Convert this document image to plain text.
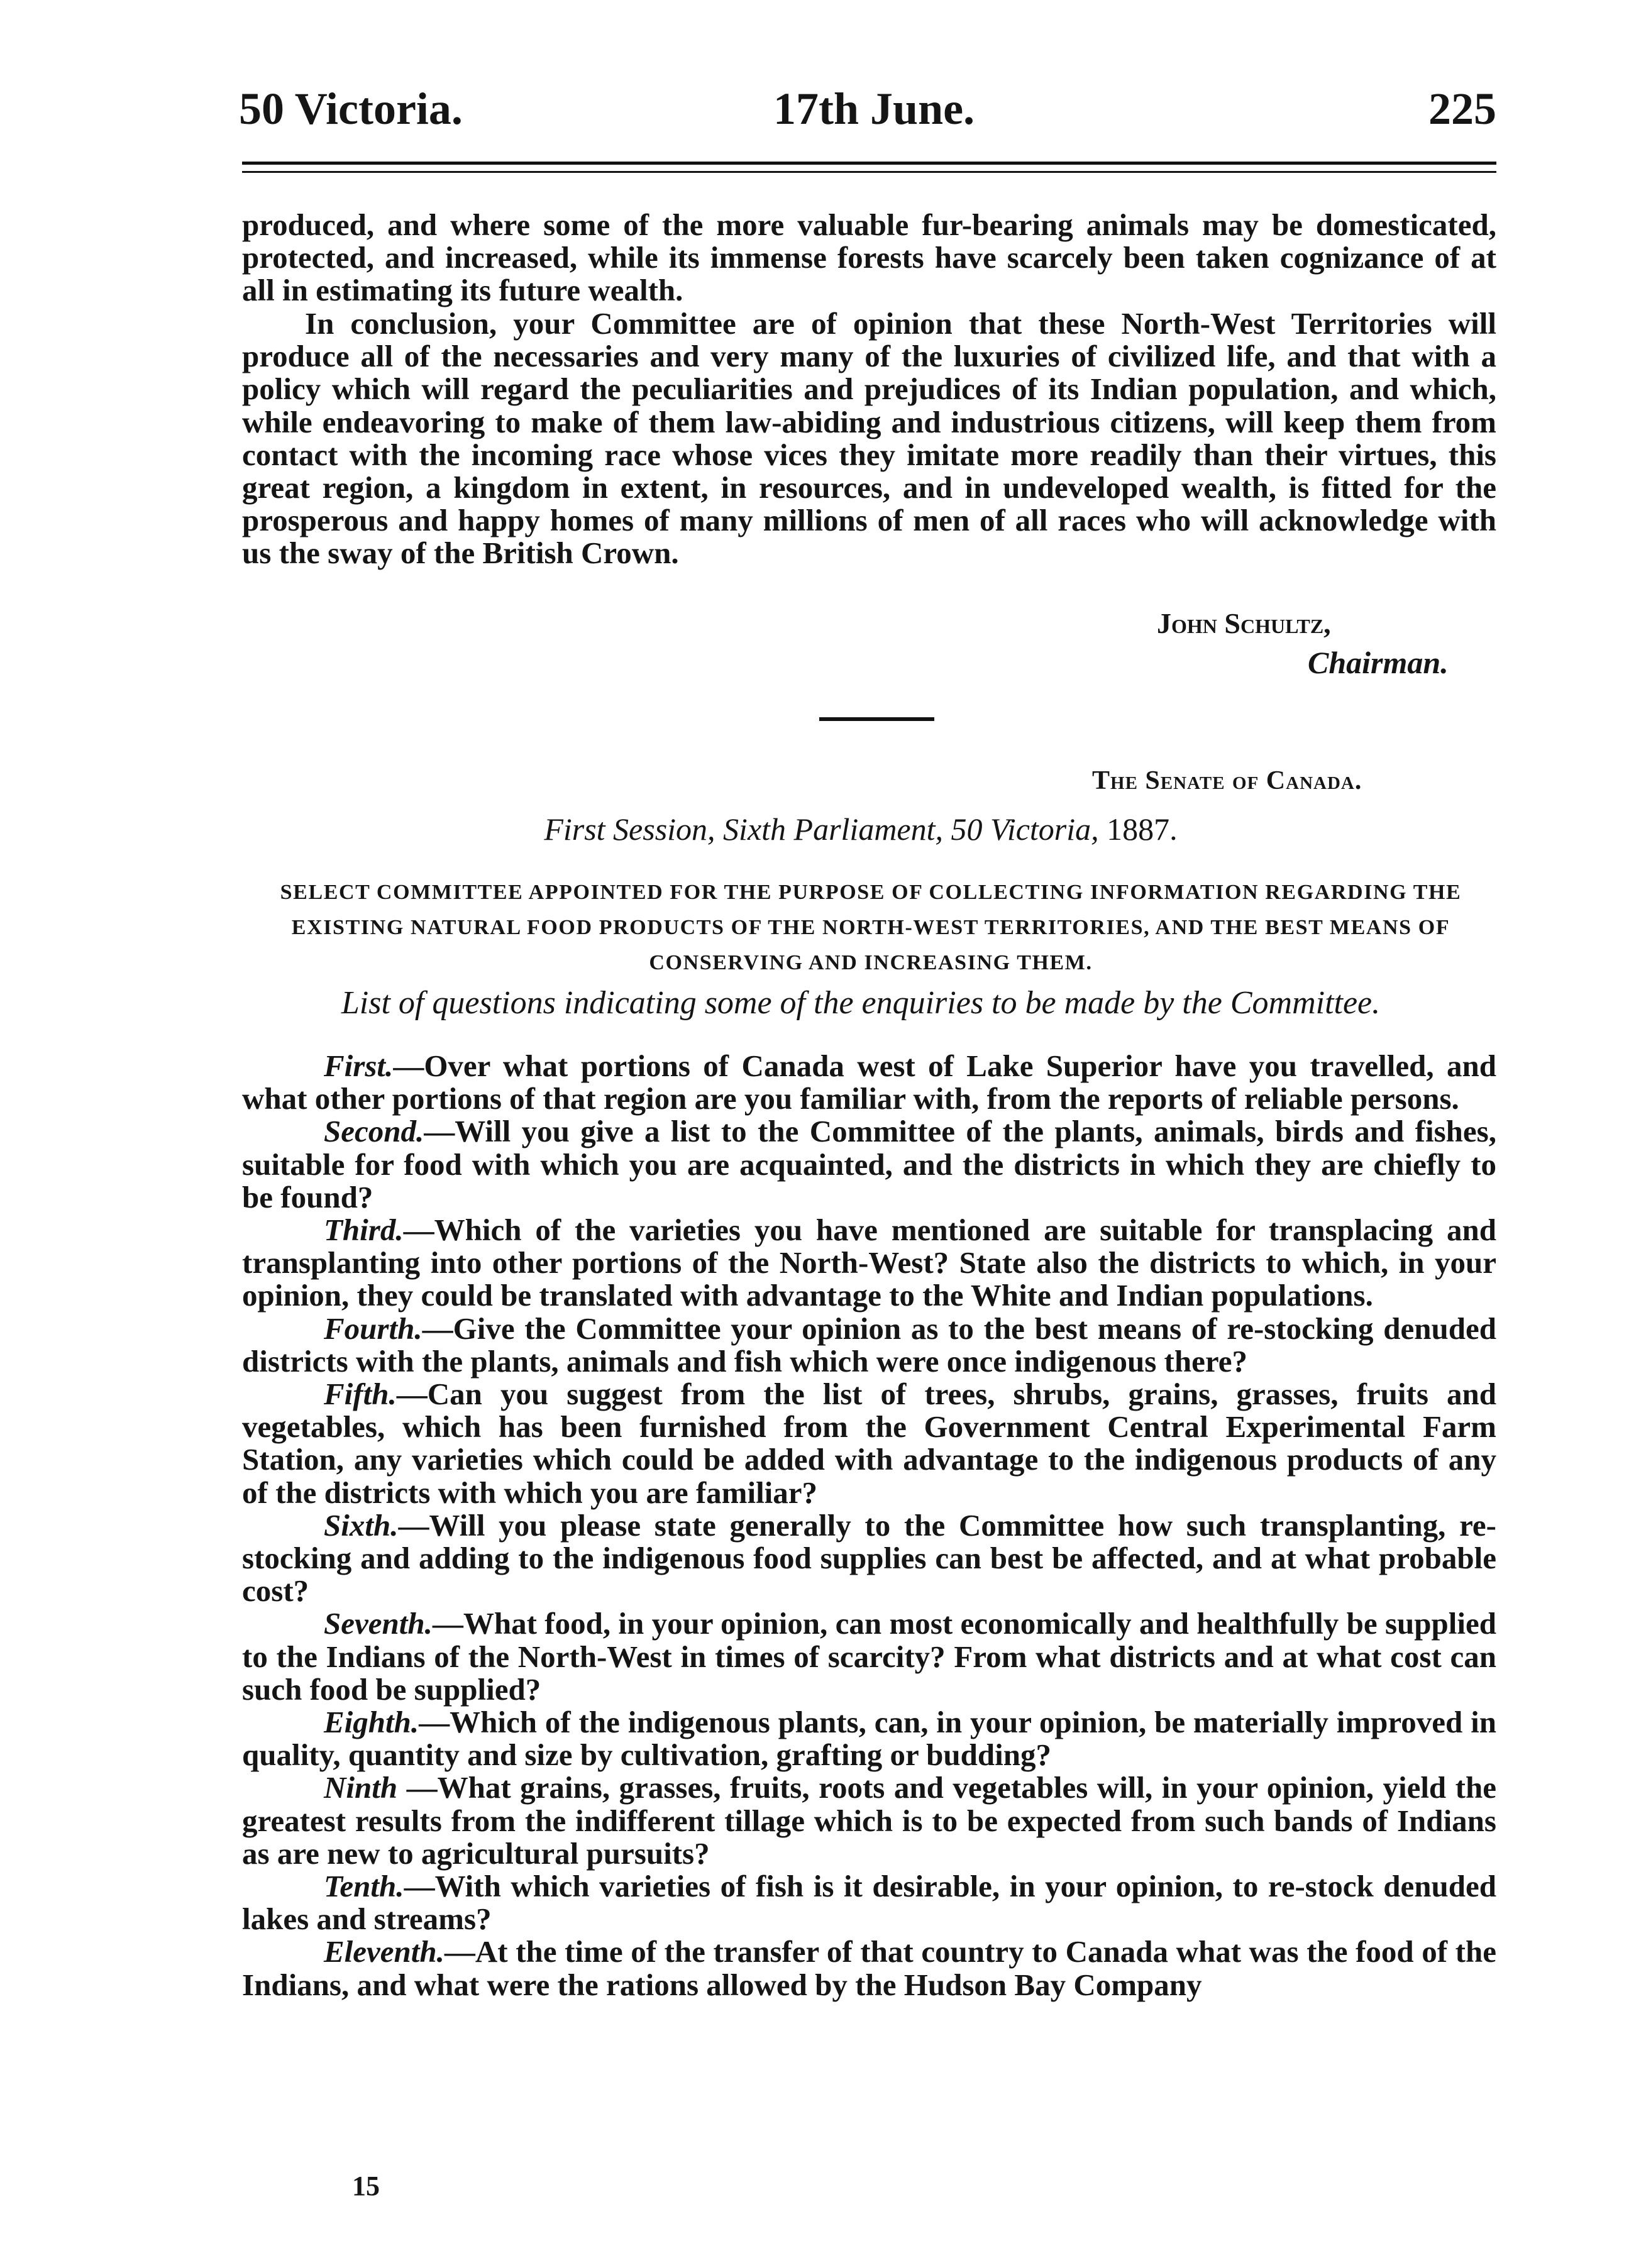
50 Victoria.	17th June.	225

produced, and where some of the more valuable fur-bearing animals may be domesticated, protected, and increased, while its immense forests have scarcely been taken cognizance of at all in estimating its future wealth.

In conclusion, your Committee are of opinion that these North-West Territories will produce all of the necessaries and very many of the luxuries of civilized life, and that with a policy which will regard the peculiarities and prejudices of its Indian population, and which, while endeavoring to make of them law-abiding and industrious citizens, will keep them from contact with the incoming race whose vices they imitate more readily than their virtues, this great region, a kingdom in extent, in resources, and in undeveloped wealth, is fitted for the prosperous and happy homes of many millions of men of all races who will acknowledge with us the sway of the British Crown.

John Schultz,
Chairman.
The Senate of Canada.
First Session, Sixth Parliament, 50 Victoria, 1887.
SELECT COMMITTEE APPOINTED FOR THE PURPOSE OF COLLECTING INFORMATION REGARDING THE EXISTING NATURAL FOOD PRODUCTS OF THE NORTH-WEST TERRITORIES, AND THE BEST MEANS OF CONSERVING AND INCREASING THEM.
List of questions indicating some of the enquiries to be made by the Committee.

First.—Over what portions of Canada west of Lake Superior have you travelled, and what other portions of that region are you familiar with, from the reports of reliable persons.

Second.—Will you give a list to the Committee of the plants, animals, birds and fishes, suitable for food with which you are acquainted, and the districts in which they are chiefly to be found?

Third.—Which of the varieties you have mentioned are suitable for transplacing and transplanting into other portions of the North-West? State also the districts to which, in your opinion, they could be translated with advantage to the White and Indian populations.

Fourth.—Give the Committee your opinion as to the best means of re-stocking denuded districts with the plants, animals and fish which were once indigenous there?

Fifth.—Can you suggest from the list of trees, shrubs, grains, grasses, fruits and vegetables, which has been furnished from the Government Central Experimental Farm Station, any varieties which could be added with advantage to the indigenous products of any of the districts with which you are familiar?

Sixth.—Will you please state generally to the Committee how such transplanting, re-stocking and adding to the indigenous food supplies can best be affected, and at what probable cost?

Seventh.—What food, in your opinion, can most economically and healthfully be supplied to the Indians of the North-West in times of scarcity? From what districts and at what cost can such food be supplied?

Eighth.—Which of the indigenous plants, can, in your opinion, be materially improved in quality, quantity and size by cultivation, grafting or budding?

Ninth —What grains, grasses, fruits, roots and vegetables will, in your opinion, yield the greatest results from the indifferent tillage which is to be expected from such bands of Indians as are new to agricultural pursuits?

Tenth.—With which varieties of fish is it desirable, in your opinion, to re-stock denuded lakes and streams?

Eleventh.—At the time of the transfer of that country to Canada what was the food of the Indians, and what were the rations allowed by the Hudson Bay Company

15
